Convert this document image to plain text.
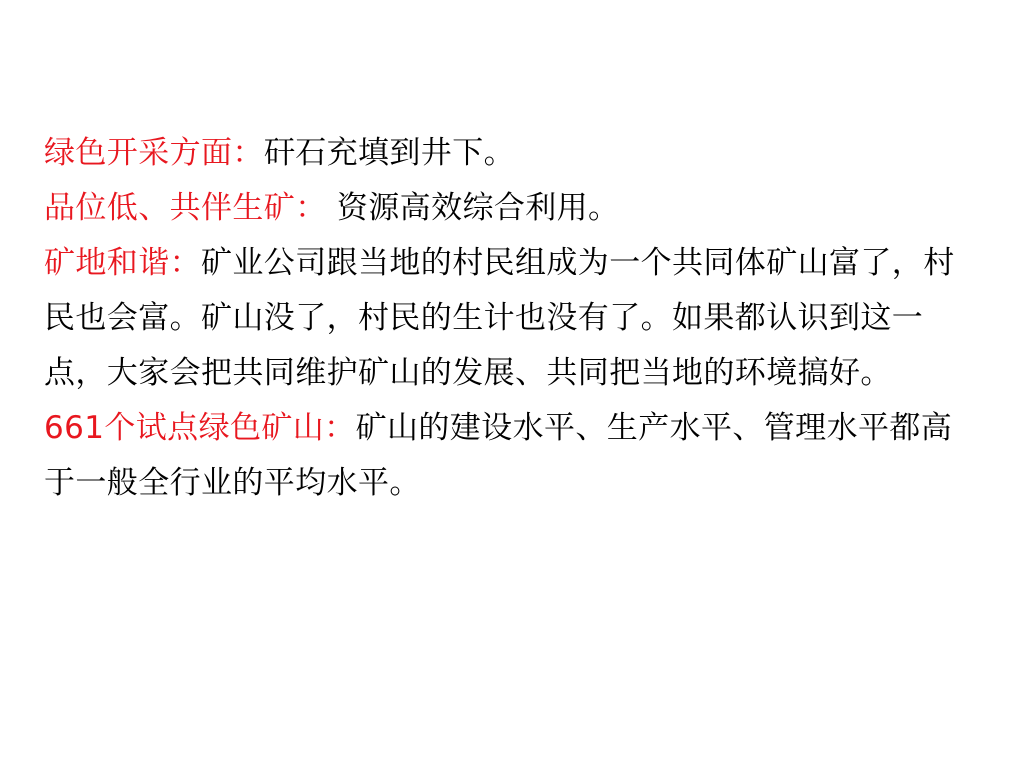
绿色开采方面：矸石充填到井下。

品位低、共伴生矿： 资源高效综合利用。

矿地和谐：矿业公司跟当地的村民组成为一个共同体矿山富了，村民也会富。矿山没了，村民的生计也没有了。如果都认识到这一点，大家会把共同维护矿山的发展、共同把当地的环境搞好。

661个试点绿色矿山：矿山的建设水平、生产水平、管理水平都高于一般全行业的平均水平。
